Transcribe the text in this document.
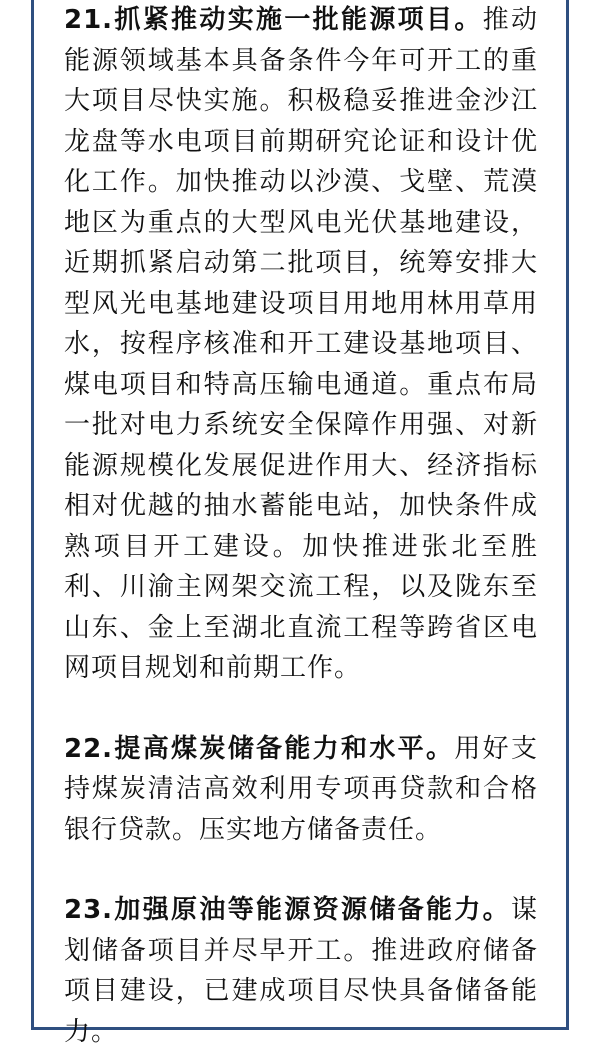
21.抓紧推动实施一批能源项目。推动能源领域基本具备条件今年可开工的重大项目尽快实施。积极稳妥推进金沙江龙盘等水电项目前期研究论证和设计优化工作。加快推动以沙漠、戈壁、荒漠地区为重点的大型风电光伏基地建设，近期抓紧启动第二批项目，统筹安排大型风光电基地建设项目用地用林用草用水，按程序核准和开工建设基地项目、煤电项目和特高压输电通道。重点布局一批对电力系统安全保障作用强、对新能源规模化发展促进作用大、经济指标相对优越的抽水蓄能电站，加快条件成熟项目开工建设。加快推进张北至胜利、川渝主网架交流工程，以及陇东至山东、金上至湖北直流工程等跨省区电网项目规划和前期工作。

22.提高煤炭储备能力和水平。用好支持煤炭清洁高效利用专项再贷款和合格银行贷款。压实地方储备责任。

23.加强原油等能源资源储备能力。谋划储备项目并尽早开工。推进政府储备项目建设，已建成项目尽快具备储备能力。
